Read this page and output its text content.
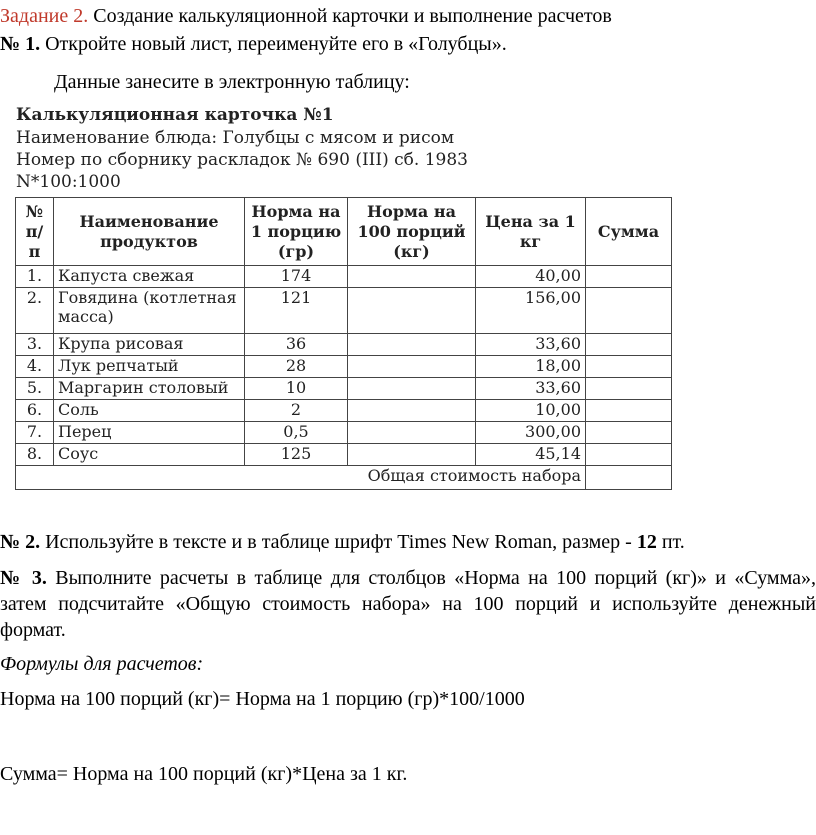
Задание 2. Создание калькуляционной карточки и выполнение расчетов
№ 1. Откройте новый лист, переименуйте его в «Голубцы».
Данные занесите в электронную таблицу:
Калькуляционная карточка №1
Наименование блюда: Голубцы с мясом и рисом
Номер по сборнику раскладок № 690 (III) сб. 1983
N*100:1000
№ п/п	Наименование продуктов	Норма на 1 порцию (гр)	Норма на 100 порций (кг)	Цена за 1 кг	Сумма
1.	Капуста свежая	174		40,00	
2.	Говядина (котлетная масса)	121		156,00	
3.	Крупа рисовая	36		33,60	
4.	Лук репчатый	28		18,00	
5.	Маргарин столовый	10		33,60	
6.	Соль	2		10,00	
7.	Перец	0,5		300,00	
8.	Соус	125		45,14	
Общая стоимость набора					
№ 2. Используйте в тексте и в таблице шрифт Times New Roman, размер - 12 пт.
№ 3. Выполните расчеты в таблице для столбцов «Норма на 100 порций (кг)» и «Сумма», затем подсчитайте «Общую стоимость набора» на 100 порций и используйте денежный формат.
Формулы для расчетов:
Норма на 100 порций (кг)= Норма на 1 порцию (гр)*100/1000
Сумма= Норма на 100 порций (кг)*Цена за 1 кг.
